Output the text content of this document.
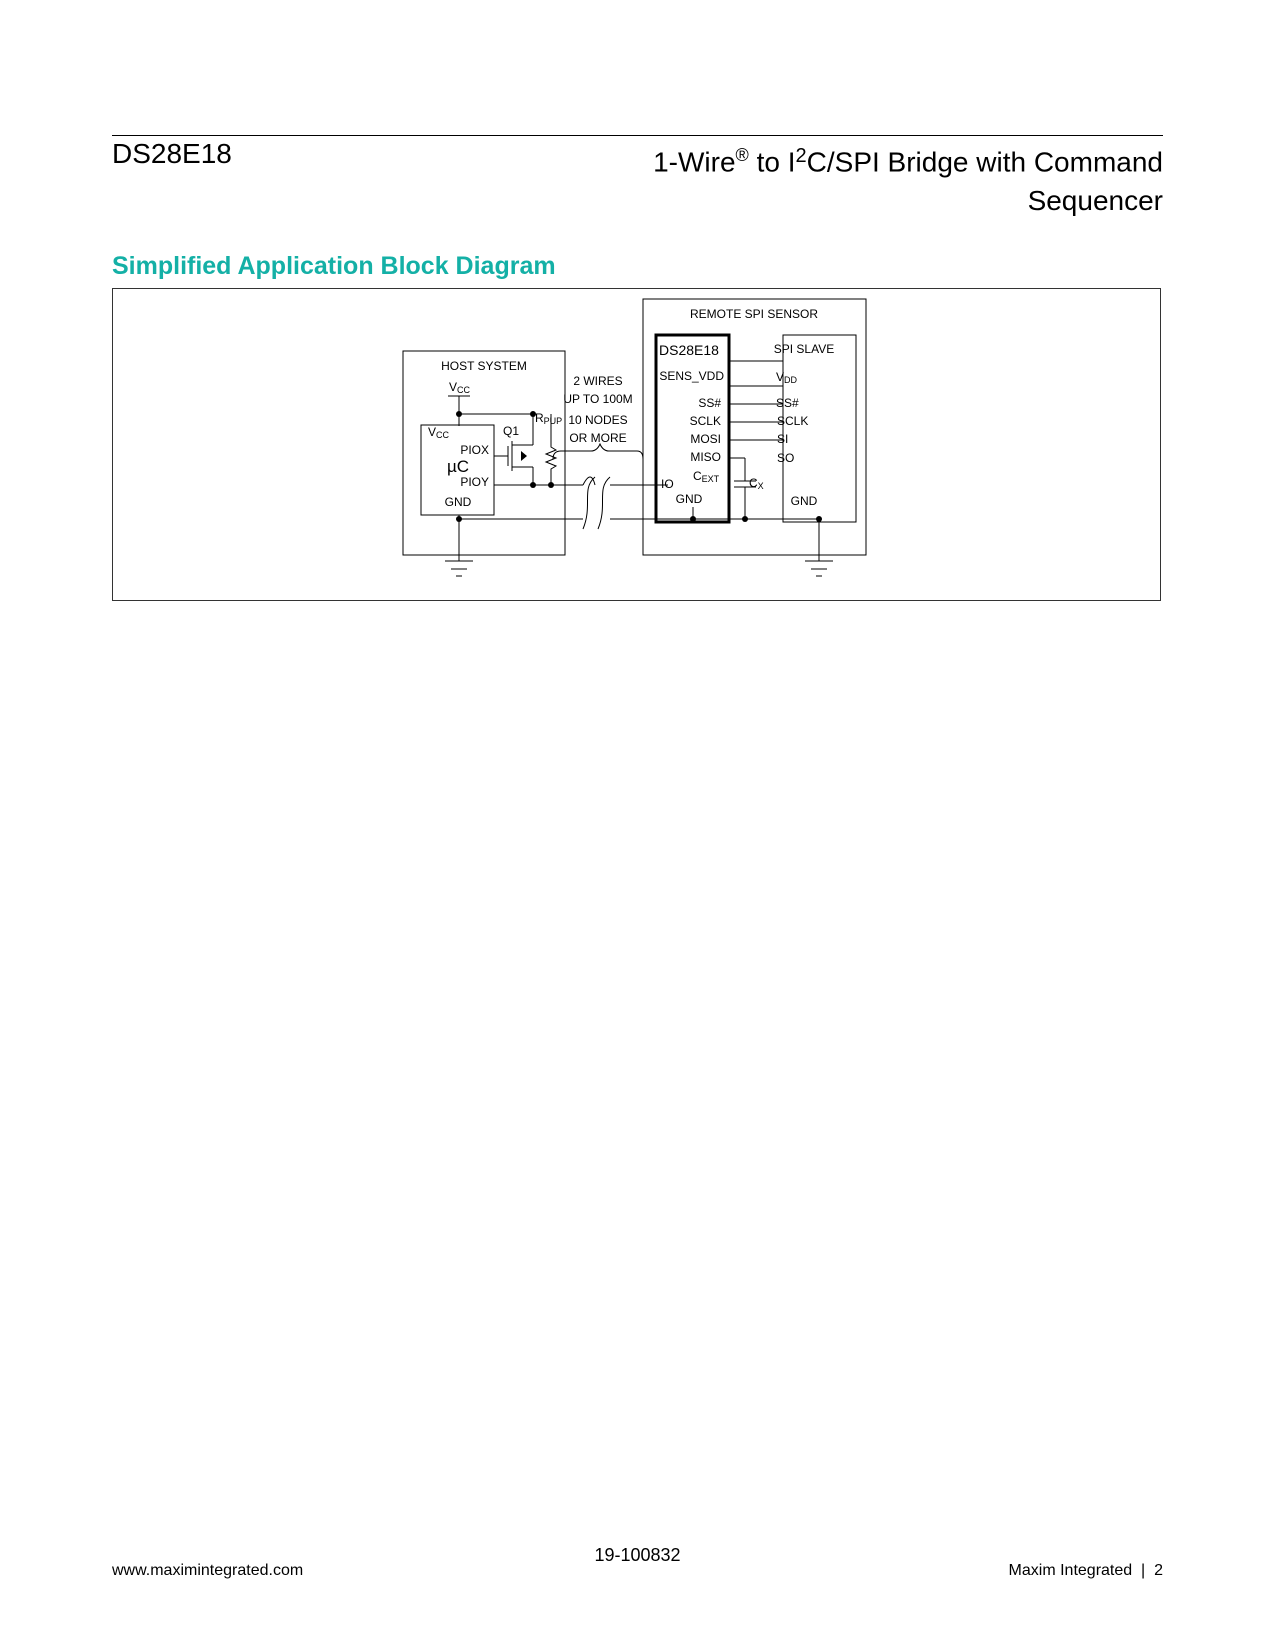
DS28E18	1-Wire® to $I^2C$/SPI Bridge with Command
Sequencer
Simplified Application Block Diagram
REMOTE SPI SENSOR
HOST SYSTEM
VCC
VCC
PIOX
µC
PIOY
GND
Q1
RPUP
2 WIRES
UP TO 100M
10 NODES
OR MORE
DS28E18
SENS_VDD
SS#
SCLK
MOSI
MISO
IO
CEXT
GND
CX
SPI SLAVE
VDD
SS#
SCLK
SI
SO
GND
19-100832
www.maximintegrated.com	Maxim Integrated  |  2
